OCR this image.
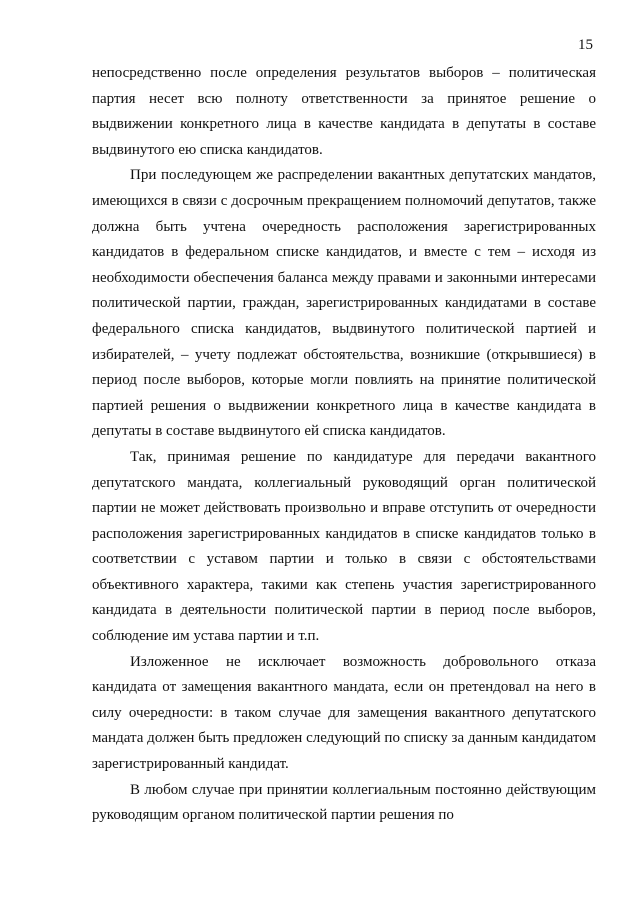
15

непосредственно после определения результатов выборов – политическая партия несет всю полноту ответственности за принятое решение о выдвижении конкретного лица в качестве кандидата в депутаты в составе выдвинутого ею списка кандидатов.

При последующем же распределении вакантных депутатских мандатов, имеющихся в связи с досрочным прекращением полномочий депутатов, также должна быть учтена очередность расположения зарегистрированных кандидатов в федеральном списке кандидатов, и вместе с тем – исходя из необходимости обеспечения баланса между правами и законными интересами политической партии, граждан, зарегистрированных кандидатами в составе федерального списка кандидатов, выдвинутого политической партией и избирателей, – учету подлежат обстоятельства, возникшие (открывшиеся) в период после выборов, которые могли повлиять на принятие политической партией решения о выдвижении конкретного лица в качестве кандидата в депутаты в составе выдвинутого ей списка кандидатов.

Так, принимая решение по кандидатуре для передачи вакантного депутатского мандата, коллегиальный руководящий орган политической партии не может действовать произвольно и вправе отступить от очередности расположения зарегистрированных кандидатов в списке кандидатов только в соответствии с уставом партии и только в связи с обстоятельствами объективного характера, такими как степень участия зарегистрированного кандидата в деятельности политической партии в период после выборов, соблюдение им устава партии и т.п.

Изложенное не исключает возможность добровольного отказа кандидата от замещения вакантного мандата, если он претендовал на него в силу очередности: в таком случае для замещения вакантного депутатского мандата должен быть предложен следующий по списку за данным кандидатом зарегистрированный кандидат.

В любом случае при принятии коллегиальным постоянно действующим руководящим органом политической партии решения по
